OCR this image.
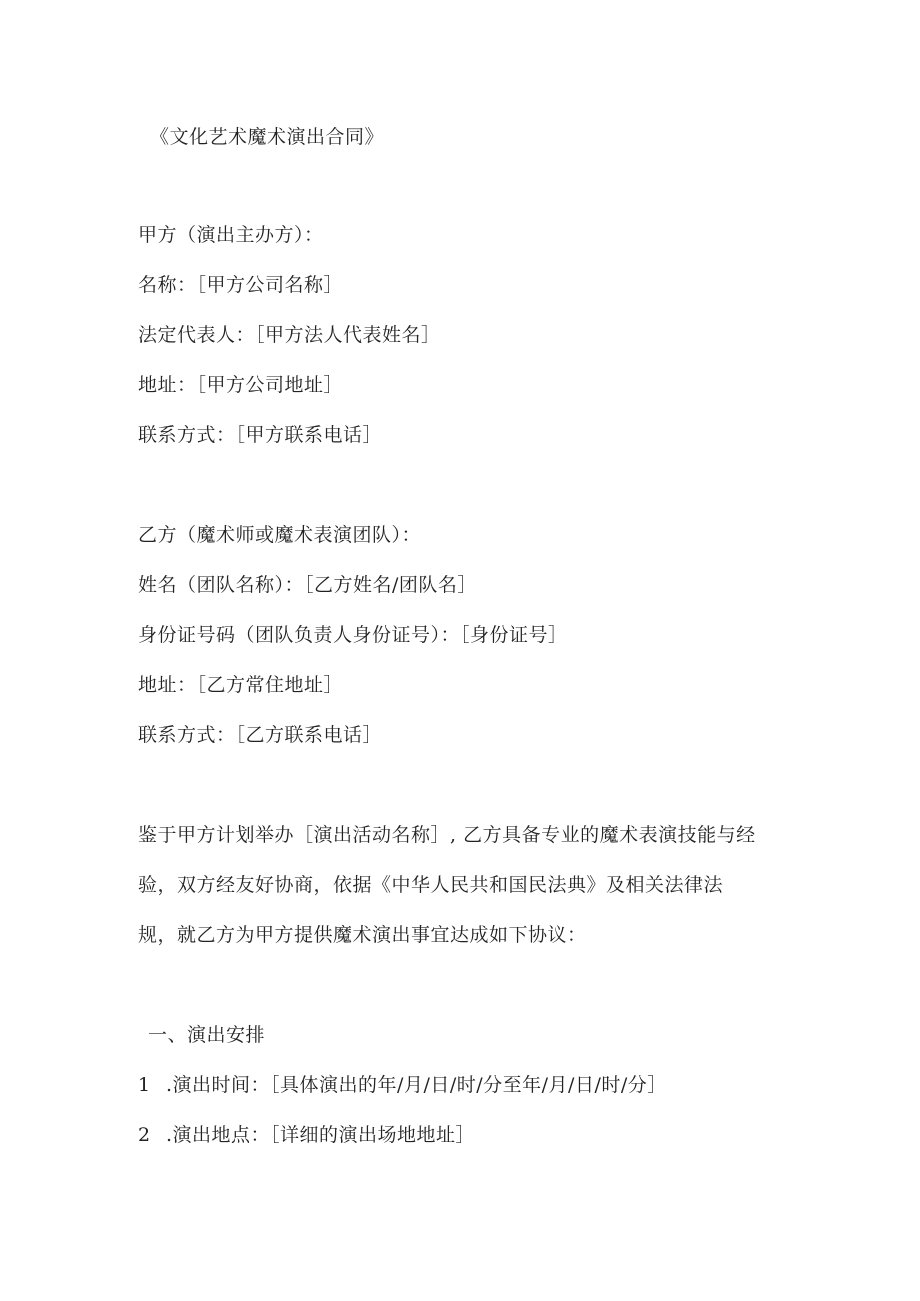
《文化艺术魔术演出合同》
甲方（演出主办方）：
名称：［甲方公司名称］
法定代表人：［甲方法人代表姓名］
地址：［甲方公司地址］
联系方式：［甲方联系电话］
乙方（魔术师或魔术表演团队）：
姓名（团队名称）：［乙方姓名/团队名］
身份证号码（团队负责人身份证号）：［身份证号］
地址：［乙方常住地址］
联系方式：［乙方联系电话］
鉴于甲方计划举办［演出活动名称］, 乙方具备专业的魔术表演技能与经
验，双方经友好协商，依据《中华人民共和国民法典》及相关法律法
规，就乙方为甲方提供魔术演出事宜达成如下协议：
一、演出安排
1 .演出时间：［具体演出的年/月/日/时/分至年/月/日/时/分］
2 .演出地点：［详细的演出场地地址］
